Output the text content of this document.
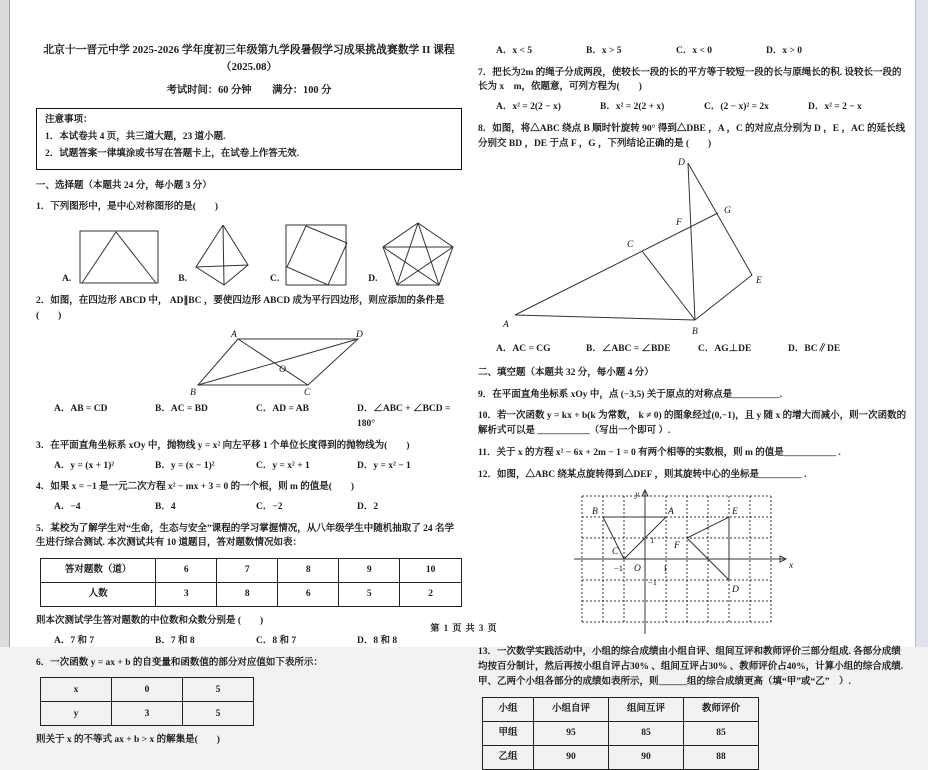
北京十一晋元中学 2025-2026 学年度初三年级第九学段暑假学习成果挑战赛数学 II 课程（2025.08）

考试时间：60 分钟　　满分：100 分

注意事项：

1．本试卷共 4 页，共三道大题，23 道小题.

2．试题答案一律填涂或书写在答题卡上，在试卷上作答无效.

一、选择题（本题共 24 分，每小题 3 分）

1．下列图形中，是中心对称图形的是(　　)

A.	B.	C.	D.

2．如图，在四边形 ABCD 中， AD∥BC ，要使四边形 ABCD 成为平行四边形，则应添加的条件是(　　)

A	D
B	C
O
A．AB = CD	B．AC = BD	C．AD = AB	D．∠ABC + ∠BCD = 180°

3．在平面直角坐标系 xOy 中，抛物线 y = x² 向左平移 1 个单位长度得到的抛物线为(　　)

A．y = (x + 1)²	B．y = (x − 1)²	C．y = x² + 1	D．y = x² − 1

4．如果 x = −1 是一元二次方程 x² − mx + 3 = 0 的一个根，则 m 的值是(　　)

A．−4	B．4	C．−2	D．2

5．某校为了解学生对“生命，生态与安全”课程的学习掌握情况，从八年级学生中随机抽取了 24 名学生进行综合测试. 本次测试共有 10 道题目，答对题数情况如表：

答对题数（道）	6	7	8	9	10
人数	3	8	6	5	2

则本次测试学生答对题数的中位数和众数分别是 (　　)

A．7 和 7	B．7 和 8	C．8 和 7	D．8 和 8

6．一次函数 y = ax + b 的自变量和函数值的部分对应值如下表所示：

x	0	5
y	3	5

则关于 x 的不等式 ax + b > x 的解集是(　　)

A．x < 5	B．x > 5	C．x < 0	D．x > 0

7．把长为2m 的绳子分成两段，使较长一段的长的平方等于较短一段的长与原绳长的积. 设较长一段的长为 x　m，依题意，可列方程为(　　)

A．x² = 2(2 − x)	B．x² = 2(2 + x)	C．(2 − x)² = 2x	D．x² = 2 − x

8．如图，将△ABC 绕点 B 顺时针旋转 90° 得到△DBE ，A ，C 的对应点分别为 D ，E ，AC 的延长线分别交 BD ，DE 于点 F ，G ，下列结论正确的是 (　　)

D
G
F
C
E
A
B
A．AC = CG	B．∠ABC = ∠BDE	C．AG⊥DE	D．BC∥DE

二、填空题（本题共 32 分，每小题 4 分）

9．在平面直角坐标系 xOy 中，点 (−3,5) 关于原点的对称点是__________.

10．若一次函数 y = kx + b(k 为常数， k ≠ 0) 的图象经过(0,−1)，且 y 随 x 的增大而减小，则一次函数的解析式可以是 ___________（写出一个即可 ）.

11．关于 x 的方程 x² − 6x + 2m − 1 = 0 有两个相等的实数根，则 m 的值是___________ .

12．如图，△ABC 绕某点旋转得到△DEF ，则其旋转中心的坐标是_________ .

A
B
C
D
E
F
O	x
y
1
−1
1
−1

13．一次数学实践活动中，小组的综合成绩由小组自评、组间互评和教师评价三部分组成. 各部分成绩均按百分制计，然后再按小组自评占30% 、组间互评占30% 、教师评价占40%，计算小组的综合成绩. 甲、乙两个小组各部分的成绩如表所示，则______组的综合成绩更高（填“甲”或“乙”　）.

小组	小组自评	组间互评	教师评价
甲组	95	85	85
乙组	90	90	88
第 1 页 共 3 页
